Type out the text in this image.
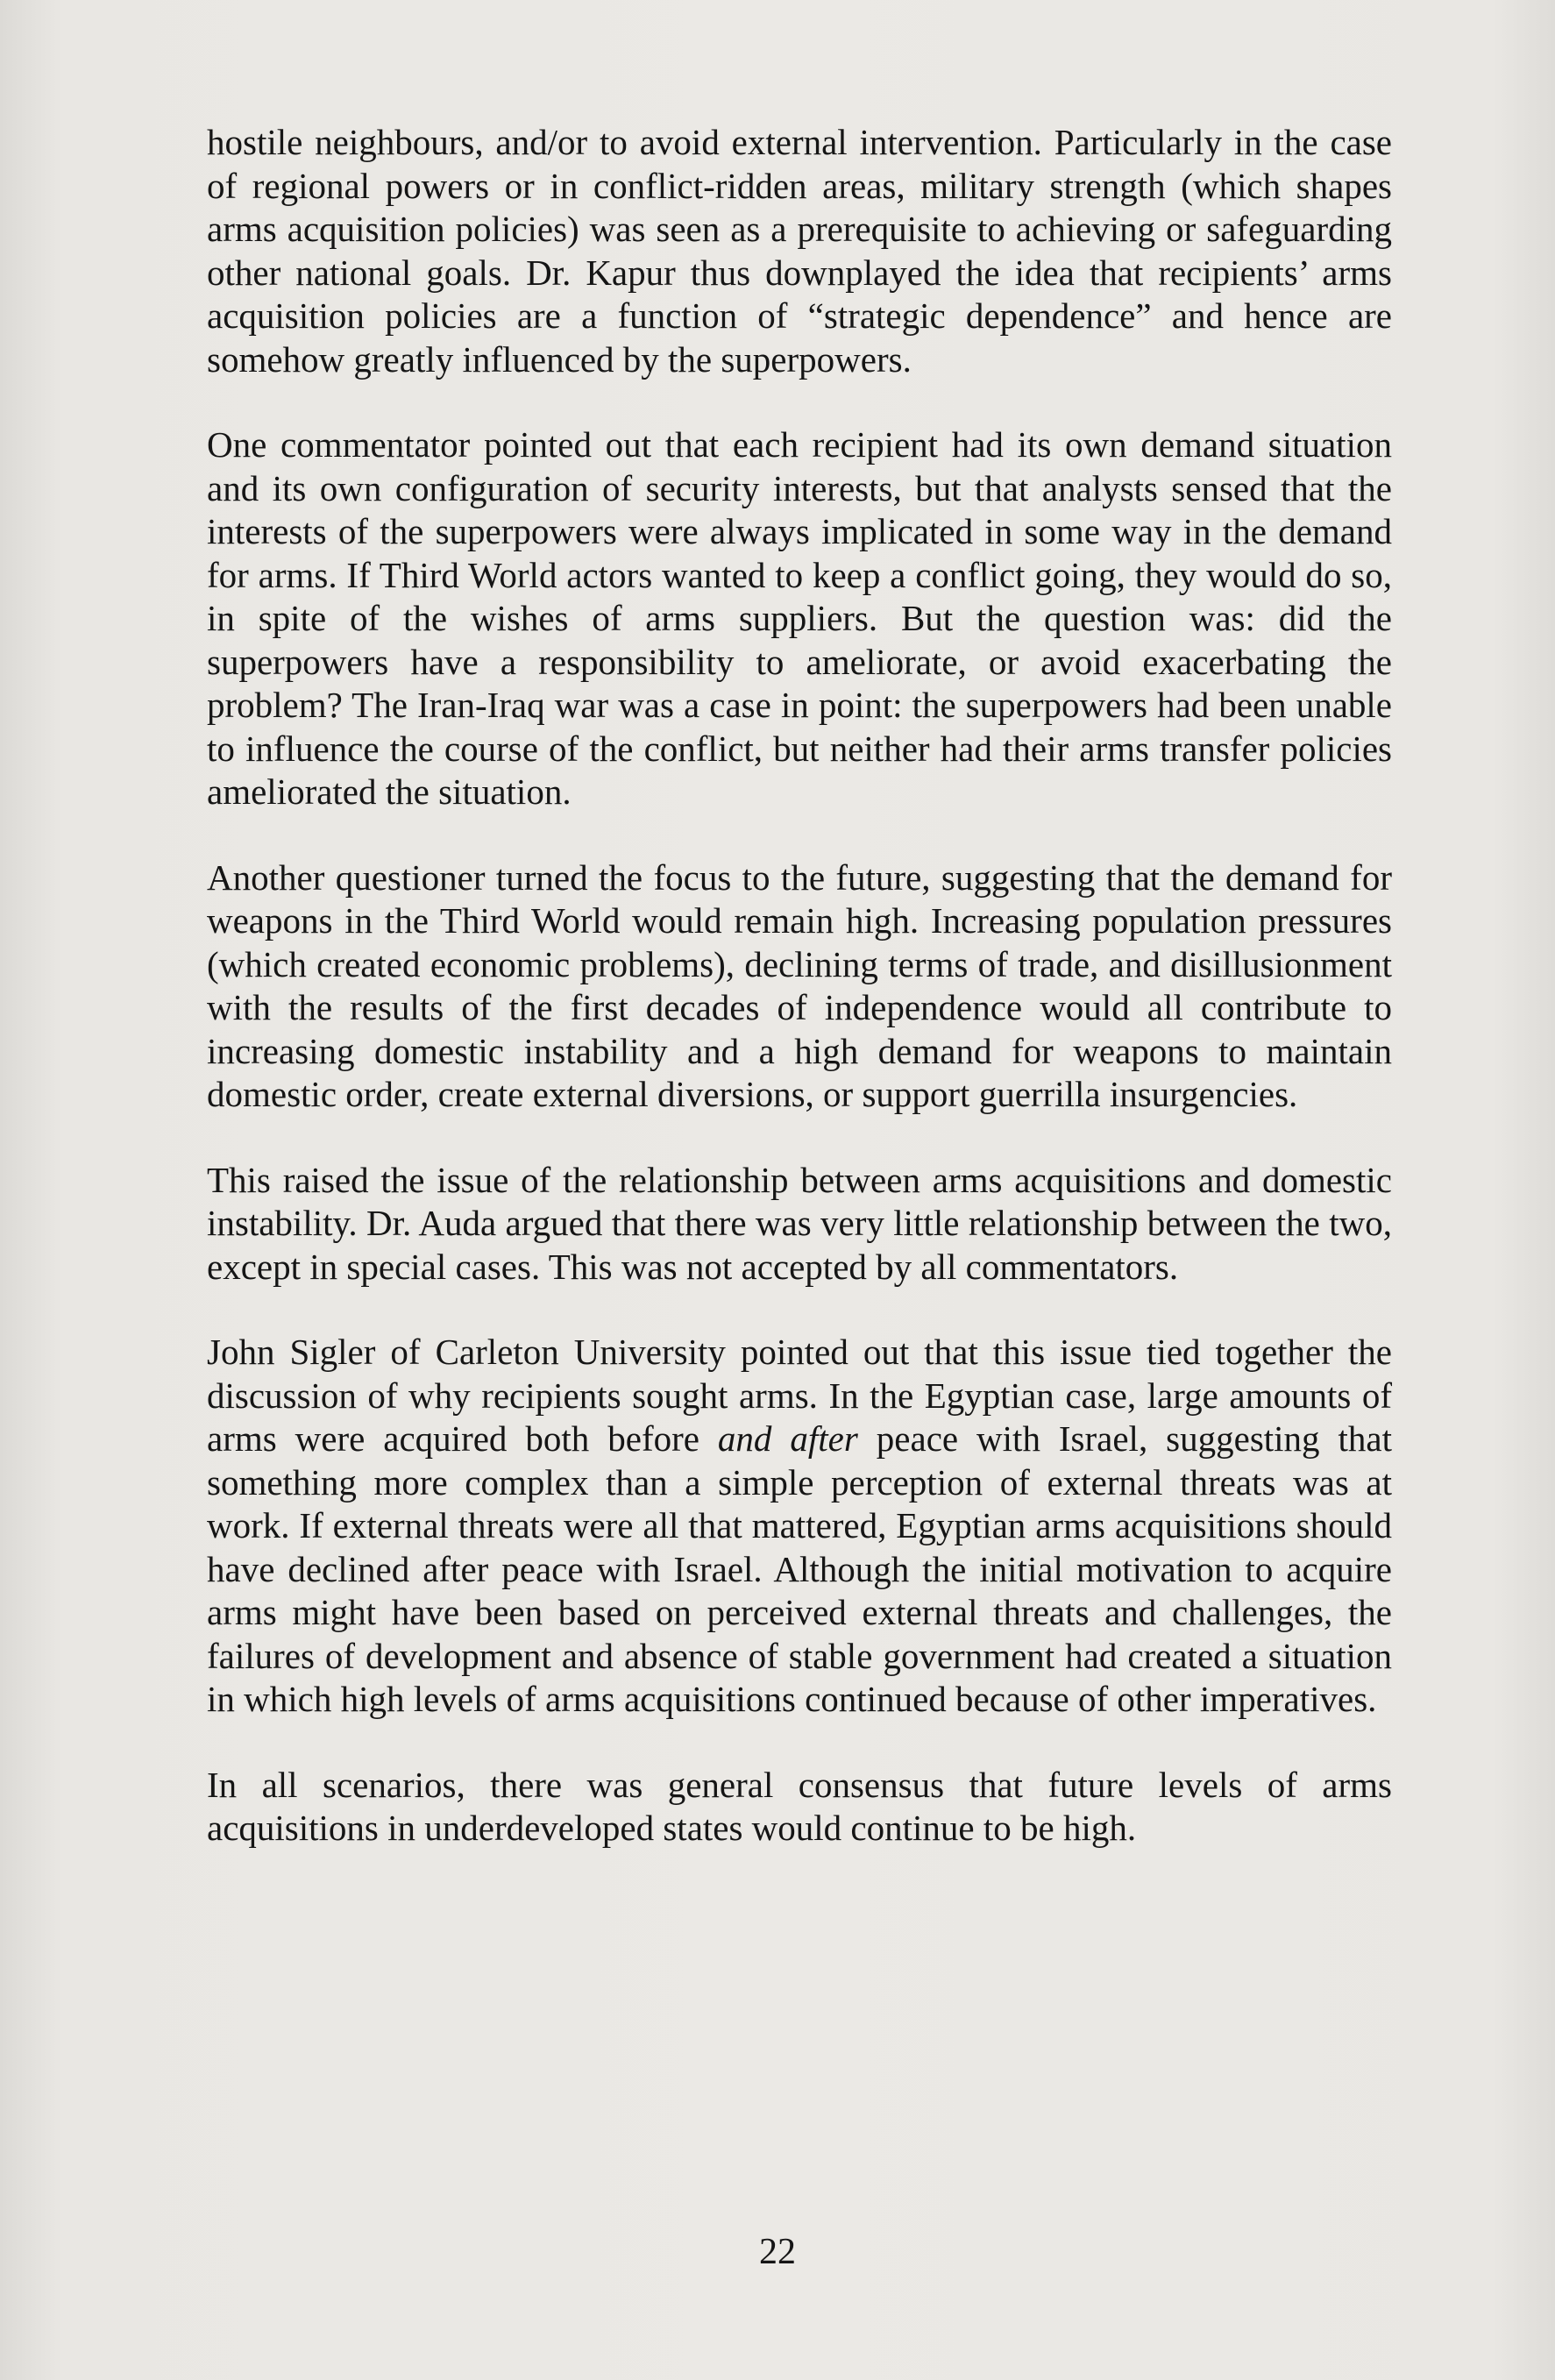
hostile neighbours, and/or to avoid external intervention. Particularly in the case of regional powers or in conflict-ridden areas, military strength (which shapes arms acquisition policies) was seen as a prerequisite to achieving or safeguarding other national goals. Dr. Kapur thus downplayed the idea that recipients’ arms acquisition policies are a function of “strategic dependence” and hence are somehow greatly influenced by the superpowers.

One commentator pointed out that each recipient had its own demand situation and its own configuration of security interests, but that analysts sensed that the interests of the superpowers were always implicated in some way in the demand for arms. If Third World actors wanted to keep a conflict going, they would do so, in spite of the wishes of arms suppliers. But the question was: did the superpowers have a responsibility to ameliorate, or avoid exacerbating the problem? The Iran-Iraq war was a case in point: the superpowers had been unable to influence the course of the conflict, but neither had their arms transfer policies ameliorated the situation.

Another questioner turned the focus to the future, suggesting that the demand for weapons in the Third World would remain high. Increasing population pressures (which created economic problems), declining terms of trade, and disillusionment with the results of the first decades of independence would all contribute to increasing domestic instability and a high demand for weapons to maintain domestic order, create external diversions, or support guerrilla insurgencies.

This raised the issue of the relationship between arms acquisitions and domestic instability. Dr. Auda argued that there was very little relationship between the two, except in special cases. This was not accepted by all commentators.

John Sigler of Carleton University pointed out that this issue tied together the discussion of why recipients sought arms. In the Egyptian case, large amounts of arms were acquired both before and after peace with Israel, suggesting that something more complex than a simple perception of external threats was at work. If external threats were all that mattered, Egyptian arms acquisitions should have declined after peace with Israel. Although the initial motivation to acquire arms might have been based on perceived external threats and challenges, the failures of development and absence of stable government had created a situation in which high levels of arms acquisitions continued because of other imperatives.

In all scenarios, there was general consensus that future levels of arms acquisitions in underdeveloped states would continue to be high.

22
